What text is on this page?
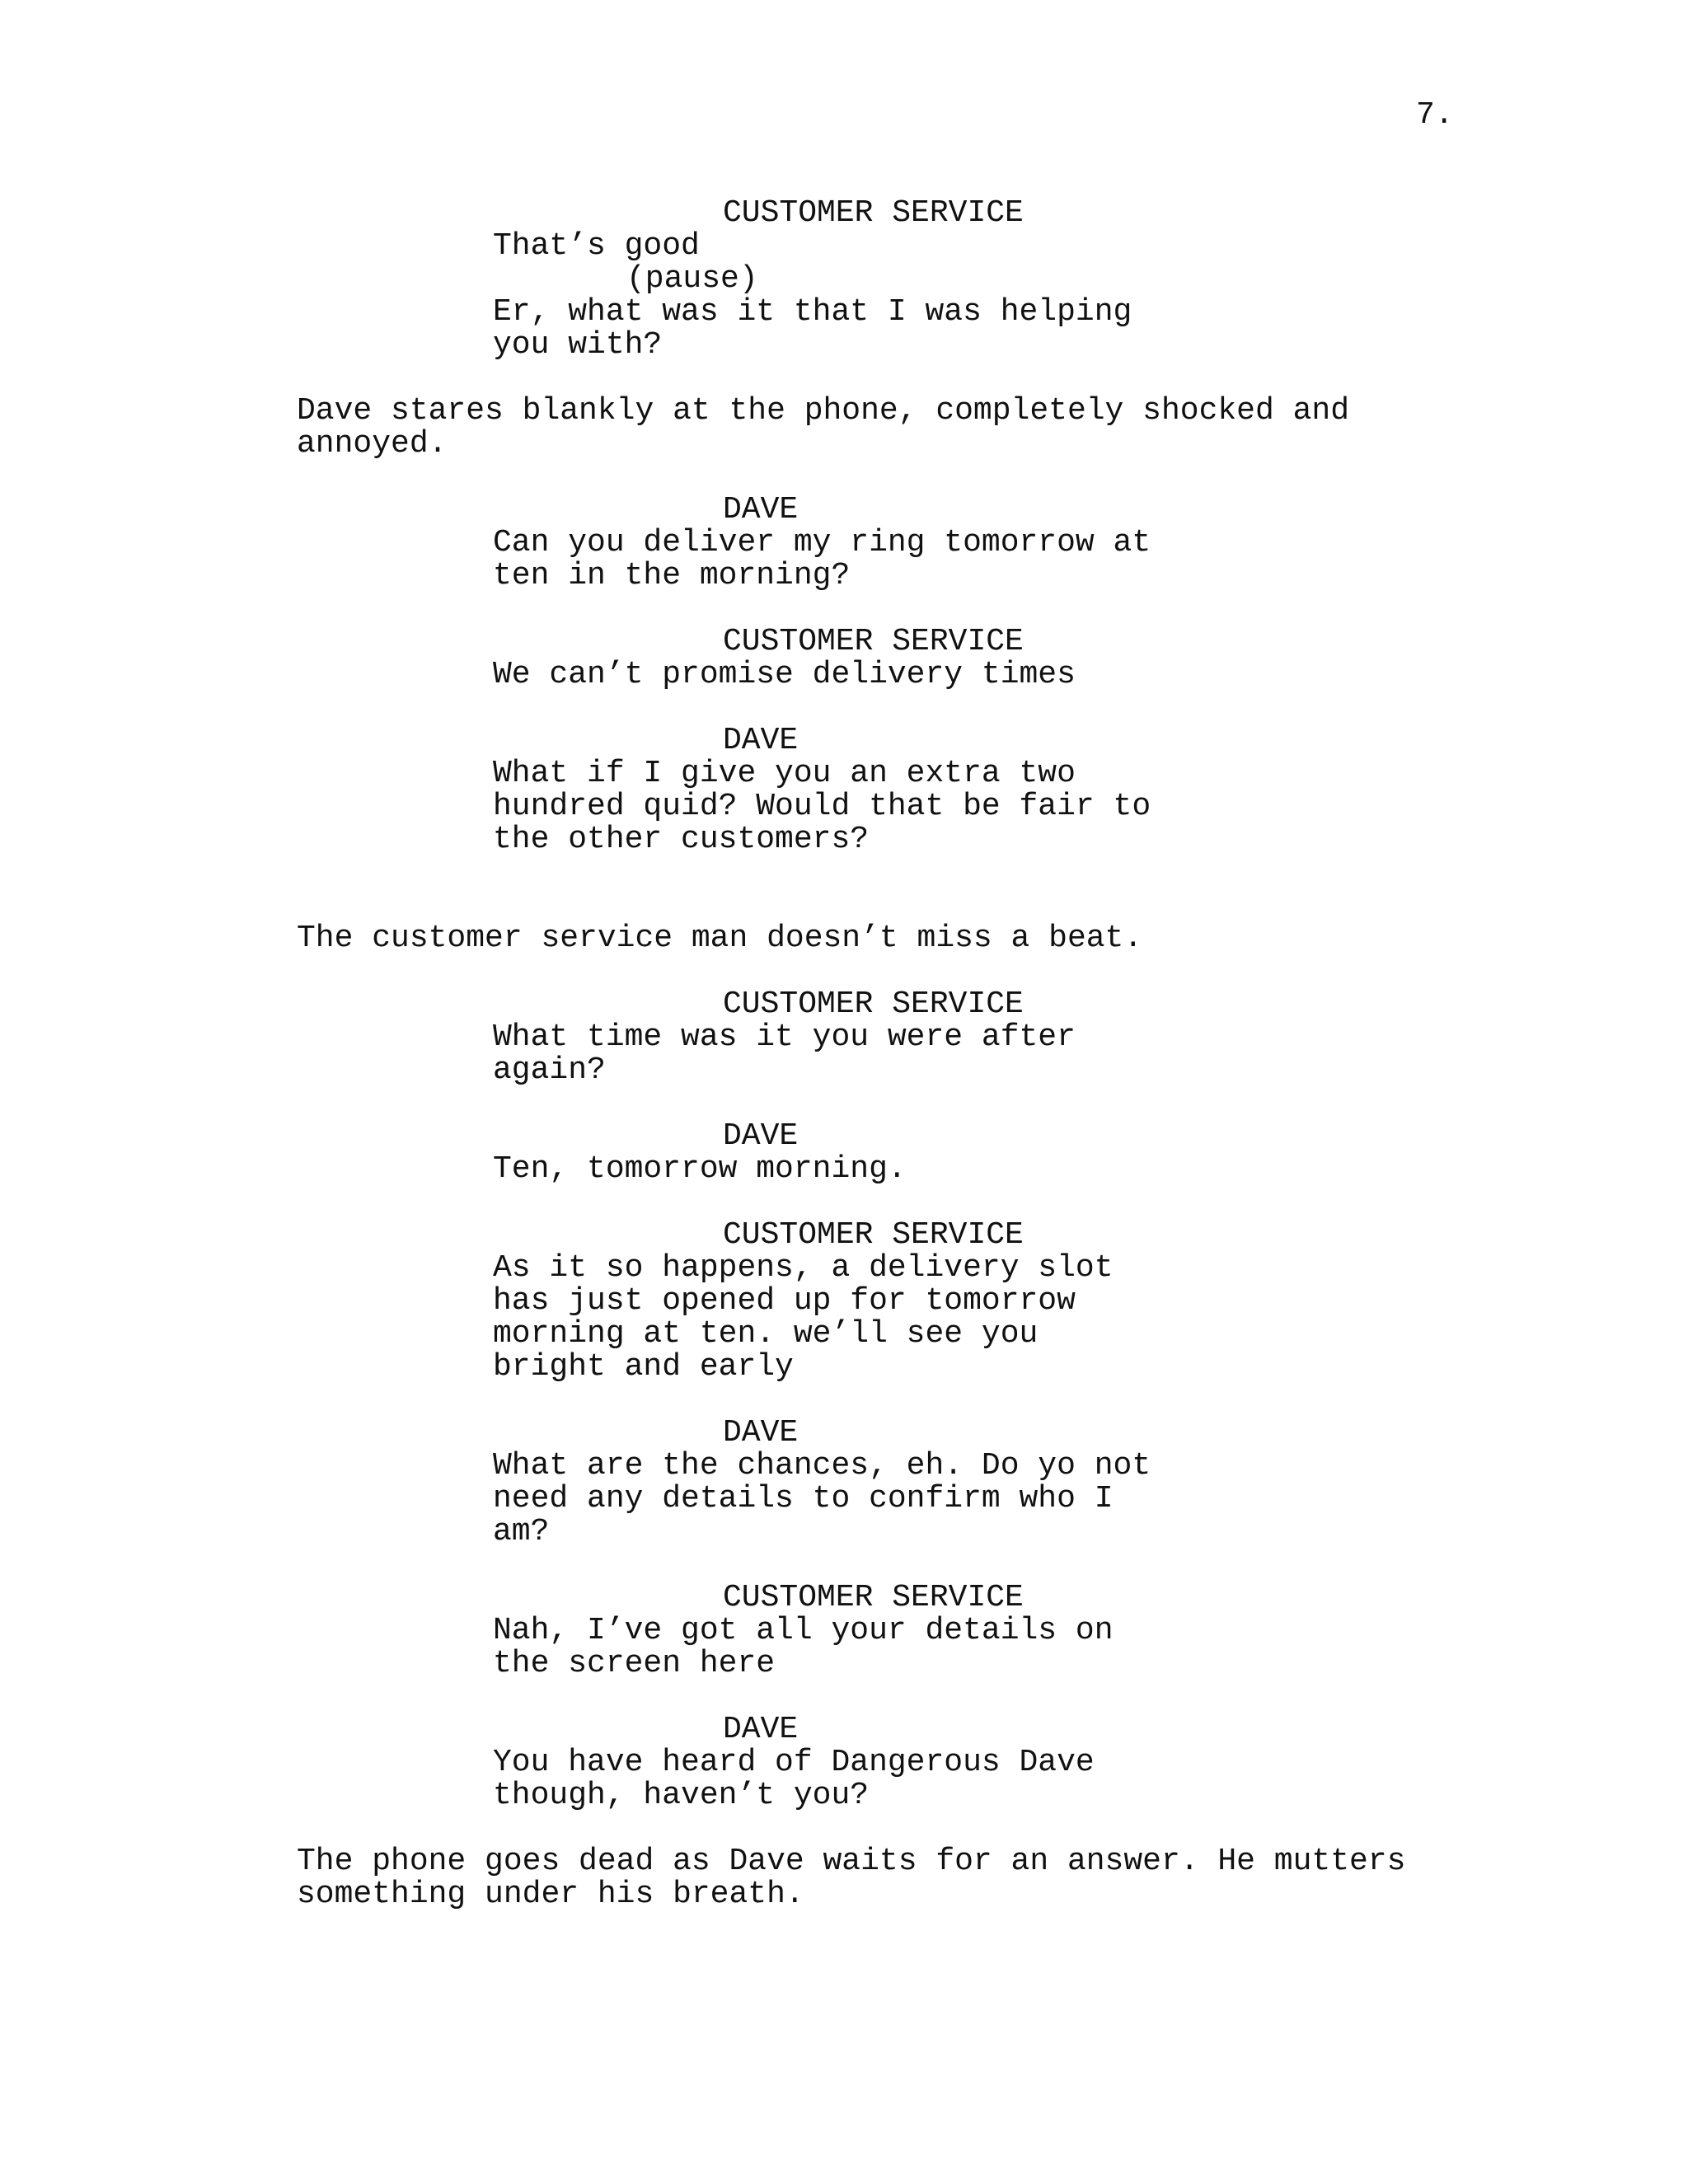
7.
CUSTOMER SERVICE
That’s good
(pause)
Er, what was it that I was helping
you with?
Dave stares blankly at the phone, completely shocked and
annoyed.
DAVE
Can you deliver my ring tomorrow at
ten in the morning?
CUSTOMER SERVICE
We can’t promise delivery times
DAVE
What if I give you an extra two
hundred quid? Would that be fair to
the other customers?
The customer service man doesn’t miss a beat.
CUSTOMER SERVICE
What time was it you were after
again?
DAVE
Ten, tomorrow morning.
CUSTOMER SERVICE
As it so happens, a delivery slot
has just opened up for tomorrow
morning at ten. we’ll see you
bright and early
DAVE
What are the chances, eh. Do yo not
need any details to confirm who I
am?
CUSTOMER SERVICE
Nah, I’ve got all your details on
the screen here
DAVE
You have heard of Dangerous Dave
though, haven’t you?
The phone goes dead as Dave waits for an answer. He mutters
something under his breath.
